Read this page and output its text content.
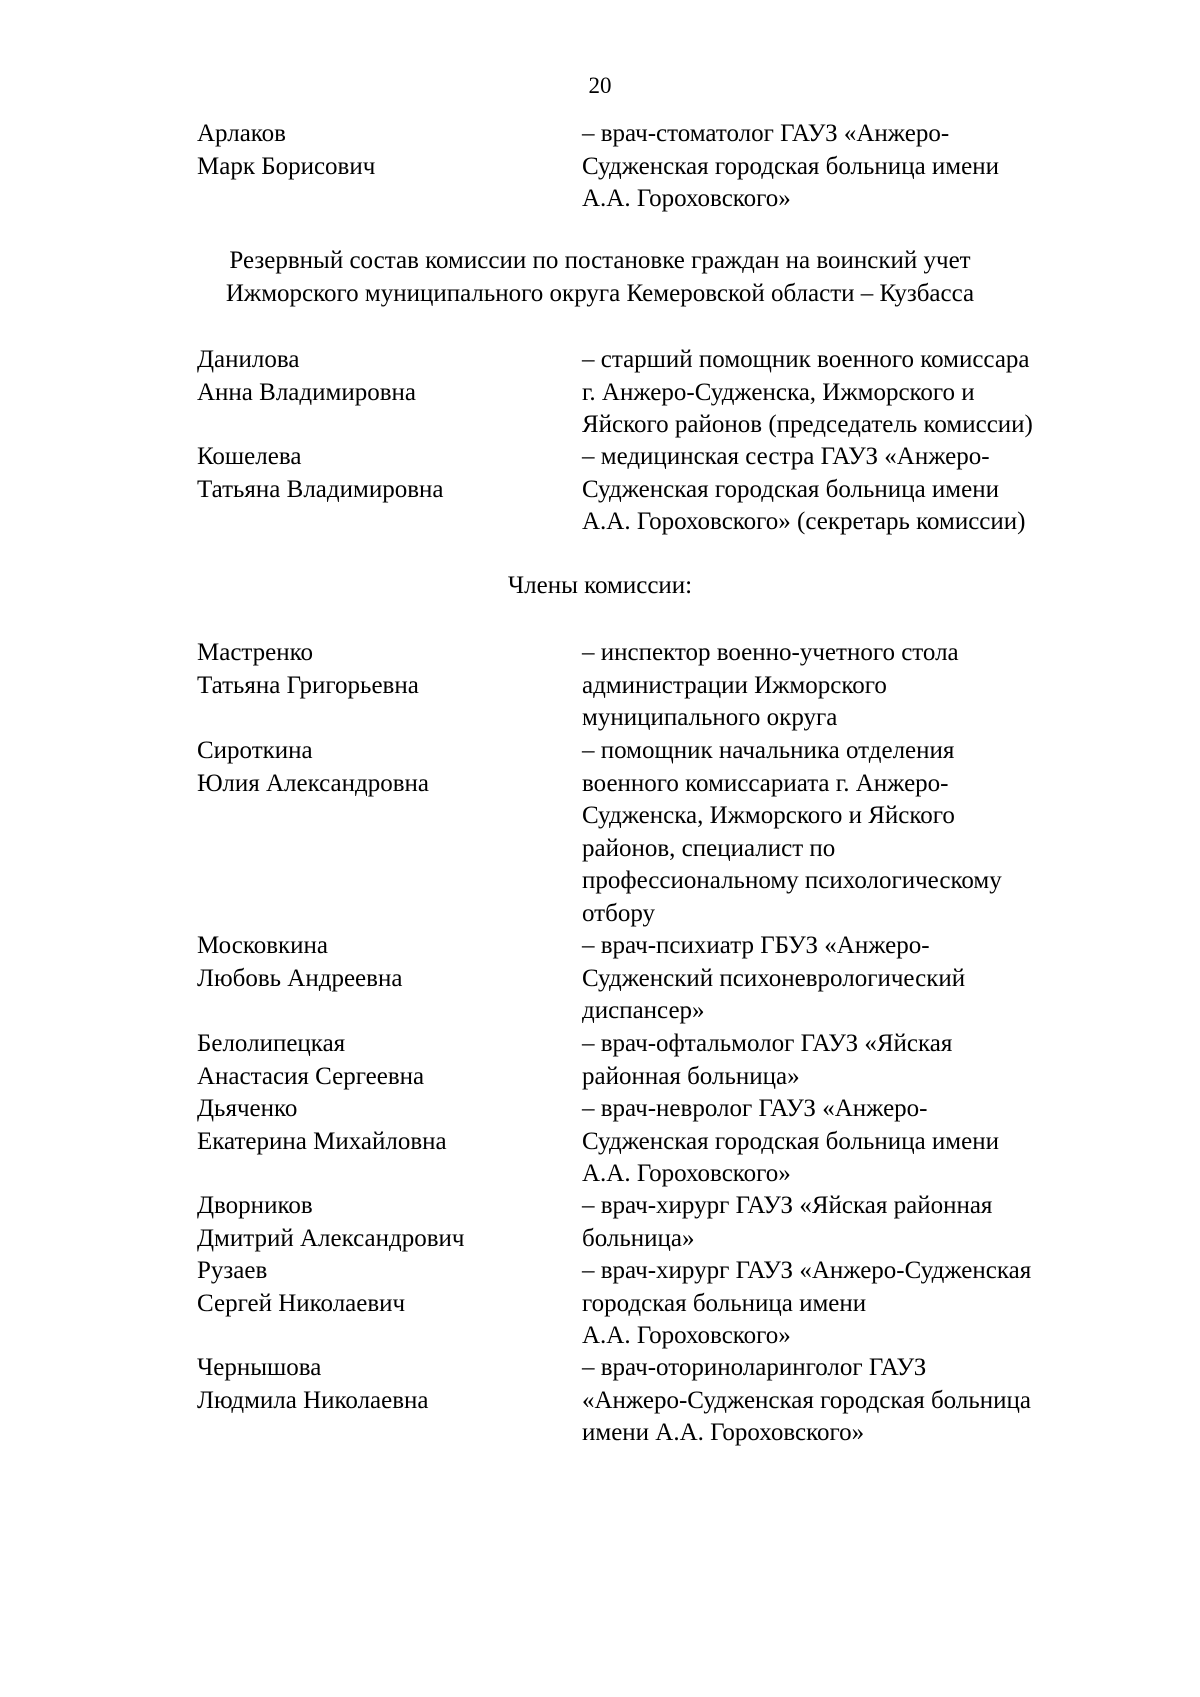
20
Арлаков
Марк Борисович
– врач-стоматолог ГАУЗ «Анжеро-
Судженская городская больница имени
А.А. Гороховского»
Резервный состав комиссии по постановке граждан на воинский учет
Ижморского муниципального округа Кемеровской области – Кузбасса
Данилова
Анна Владимировна
– старший помощник военного комиссара
г. Анжеро-Судженска, Ижморского и
Яйского районов (председатель комиссии)
Кошелева
Татьяна Владимировна
– медицинская сестра ГАУЗ «Анжеро-
Судженская городская больница имени
А.А. Гороховского» (секретарь комиссии)
Члены комиссии:
Мастренко
Татьяна Григорьевна
– инспектор военно-учетного стола
администрации Ижморского
муниципального округа
Сироткина
Юлия Александровна
– помощник начальника отделения
военного комиссариата г. Анжеро-
Судженска, Ижморского и Яйского
районов, специалист по
профессиональному психологическому
отбору
Московкина
Любовь Андреевна
– врач-психиатр ГБУЗ «Анжеро-
Судженский психоневрологический
диспансер»
Белолипецкая
Анастасия Сергеевна
– врач-офтальмолог ГАУЗ «Яйская
районная больница»
Дьяченко
Екатерина Михайловна
– врач-невролог ГАУЗ «Анжеро-
Судженская городская больница имени
А.А. Гороховского»
Дворников
Дмитрий Александрович
– врач-хирург ГАУЗ «Яйская районная
больница»
Рузаев
Сергей Николаевич
– врач-хирург ГАУЗ «Анжеро-Судженская
городская больница имени
А.А. Гороховского»
Чернышова
Людмила Николаевна
– врач-оториноларинголог ГАУЗ
«Анжеро-Судженская городская больница
имени А.А. Гороховского»
